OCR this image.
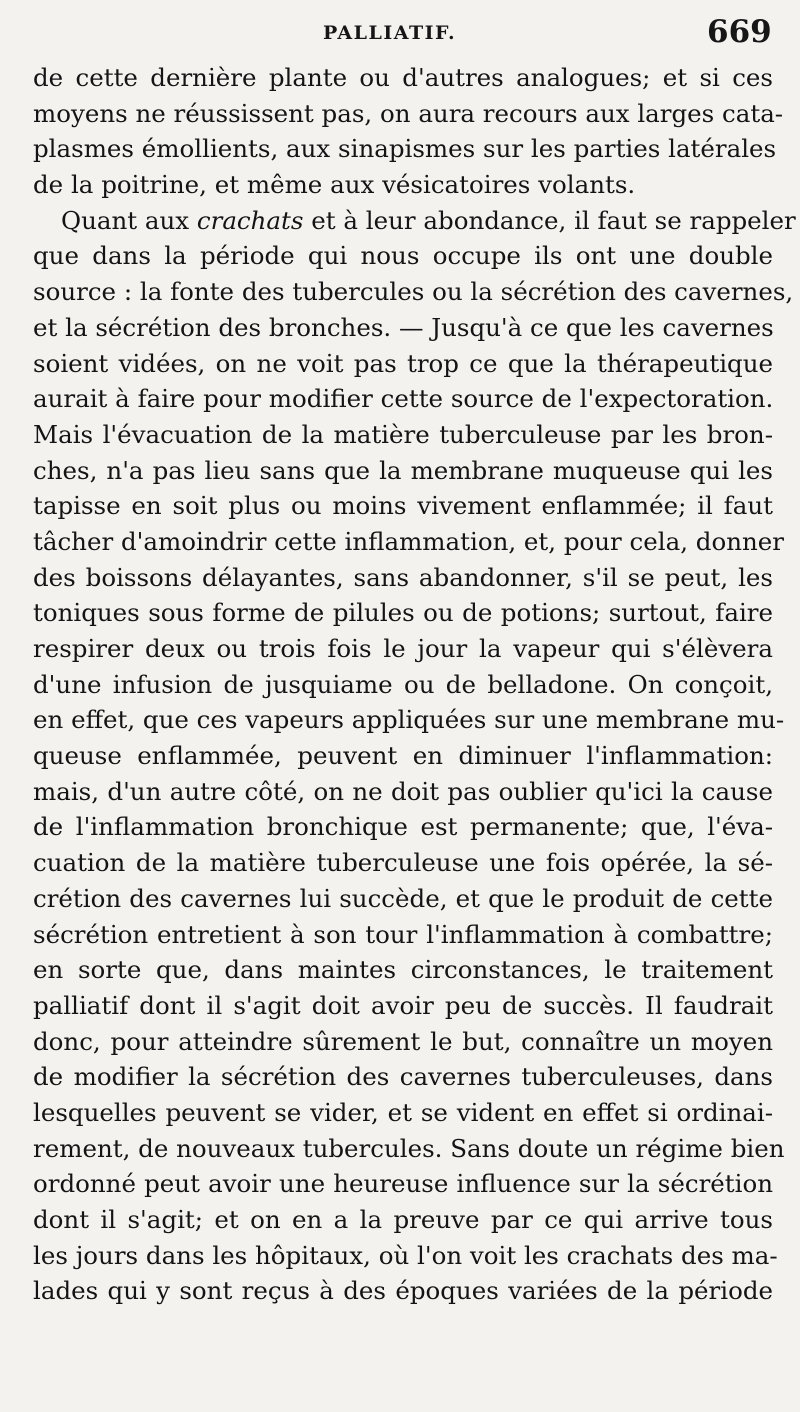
PALLIATIF.	669
de cette dernière plante ou d'autres analogues; et si ces
moyens ne réussissent pas, on aura recours aux larges cata-
plasmes émollients, aux sinapismes sur les parties latérales
de la poitrine, et même aux vésicatoires volants.
Quant aux crachats et à leur abondance, il faut se rappeler
que dans la période qui nous occupe ils ont une double
source : la fonte des tubercules ou la sécrétion des cavernes,
et la sécrétion des bronches. — Jusqu'à ce que les cavernes
soient vidées, on ne voit pas trop ce que la thérapeutique
aurait à faire pour modifier cette source de l'expectoration.
Mais l'évacuation de la matière tuberculeuse par les bron-
ches, n'a pas lieu sans que la membrane muqueuse qui les
tapisse en soit plus ou moins vivement enflammée; il faut
tâcher d'amoindrir cette inflammation, et, pour cela, donner
des boissons délayantes, sans abandonner, s'il se peut, les
toniques sous forme de pilules ou de potions; surtout, faire
respirer deux ou trois fois le jour la vapeur qui s'élèvera
d'une infusion de jusquiame ou de belladone. On conçoit,
en effet, que ces vapeurs appliquées sur une membrane mu-
queuse enflammée, peuvent en diminuer l'inflammation:
mais, d'un autre côté, on ne doit pas oublier qu'ici la cause
de l'inflammation bronchique est permanente; que, l'éva-
cuation de la matière tuberculeuse une fois opérée, la sé-
crétion des cavernes lui succède, et que le produit de cette
sécrétion entretient à son tour l'inflammation à combattre;
en sorte que, dans maintes circonstances, le traitement
palliatif dont il s'agit doit avoir peu de succès. Il faudrait
donc, pour atteindre sûrement le but, connaître un moyen
de modifier la sécrétion des cavernes tuberculeuses, dans
lesquelles peuvent se vider, et se vident en effet si ordinai-
rement, de nouveaux tubercules. Sans doute un régime bien
ordonné peut avoir une heureuse influence sur la sécrétion
dont il s'agit; et on en a la preuve par ce qui arrive tous
les jours dans les hôpitaux, où l'on voit les crachats des ma-
lades qui y sont reçus à des époques variées de la période
